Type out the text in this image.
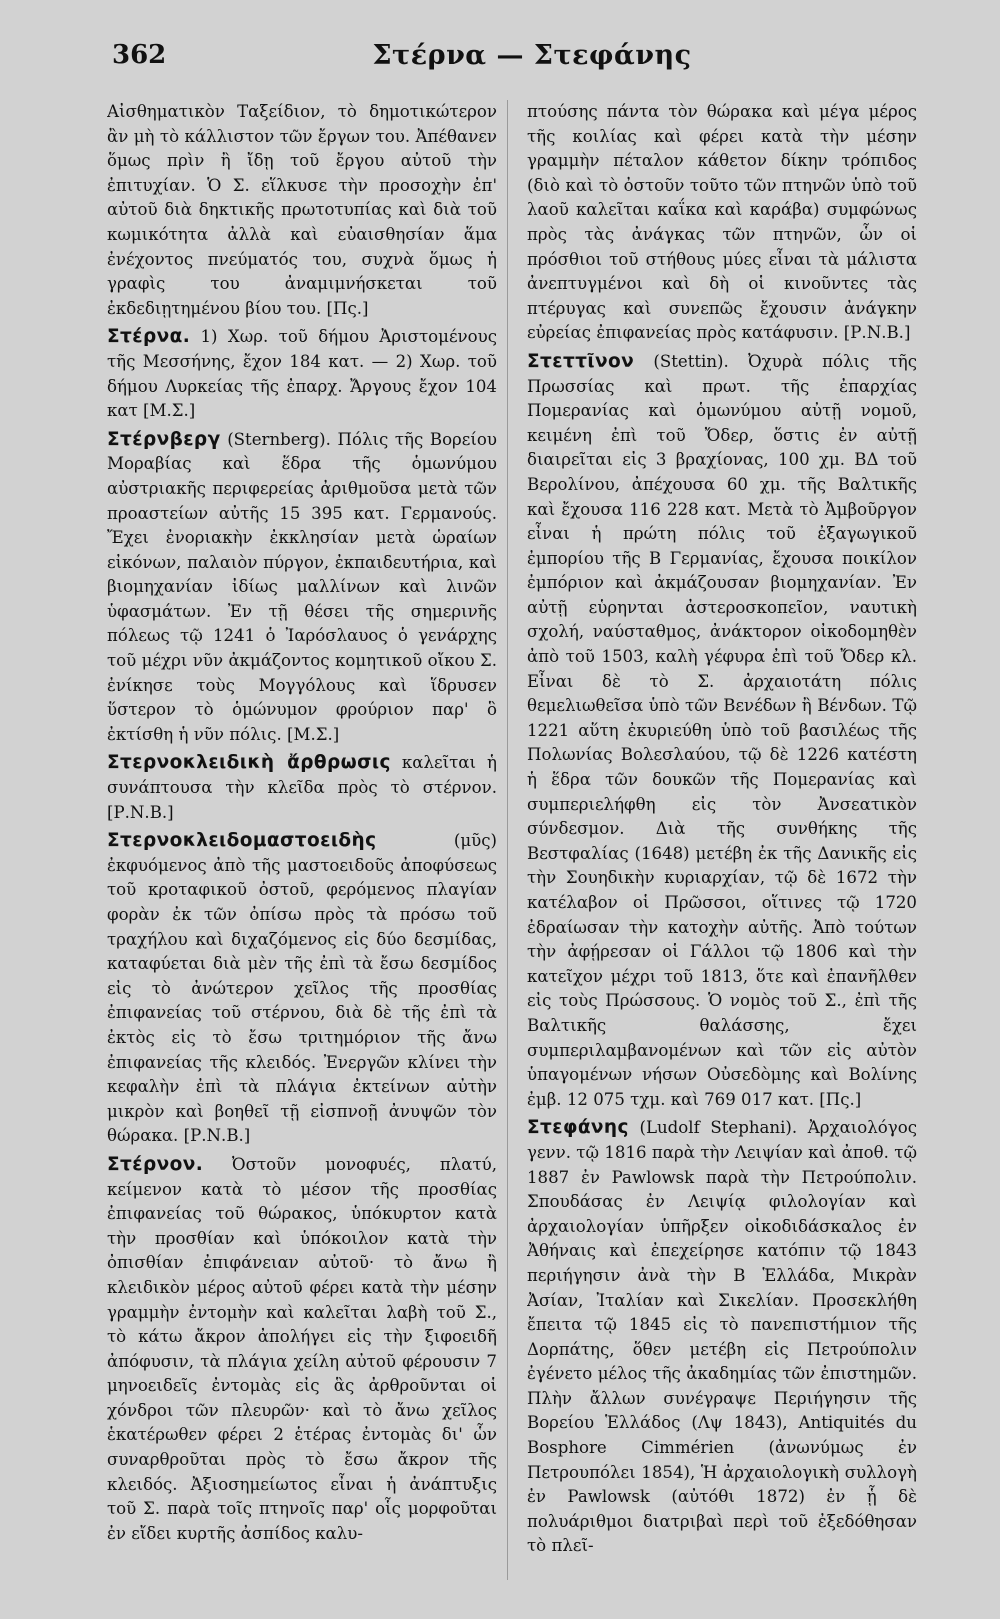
362	Στέρνα — Στεφάνης

Αἰσθηματικὸν Ταξείδιον, τὸ δημοτικώτερον ἂν μὴ τὸ κάλλιστον τῶν ἔργων του. Ἀπέθανεν ὅμως πρὶν ἢ ἴδῃ τοῦ ἔργου αὐτοῦ τὴν ἐπιτυχίαν. Ὁ Σ. εἵλκυσε τὴν προσοχὴν ἐπ' αὐτοῦ διὰ δηκτικῆς πρωτοτυπίας καὶ διὰ τοῦ κωμικότητα ἀλλὰ καὶ εὐαισθησίαν ἅμα ἐνέχοντος πνεύματός του, συχνὰ ὅμως ἡ γραφὶς του ἀναμιμνήσκεται τοῦ ἐκδεδιῃτημένου βίου του. [Πς.]

Στέρνα. 1) Χωρ. τοῦ δήμου Ἀριστομένους τῆς Μεσσήνης, ἔχον 184 κατ. — 2) Χωρ. τοῦ δήμου Λυρκείας τῆς ἐπαρχ. Ἄργους ἔχον 104 κατ [Μ.Σ.]

Στέρνβεργ (Sternberg). Πόλις τῆς Βορείου Μοραβίας καὶ ἕδρα τῆς ὁμωνύμου αὐστριακῆς περιφερείας ἀριθμοῦσα μετὰ τῶν προαστείων αὐτῆς 15 395 κατ. Γερμανούς. Ἔχει ἐνοριακὴν ἐκκλησίαν μετὰ ὡραίων εἰκόνων, παλαιὸν πύργον, ἐκπαιδευτήρια, καὶ βιομηχανίαν ἰδίως μαλλίνων καὶ λινῶν ὑφασμάτων. Ἐν τῇ θέσει τῆς σημερινῆς πόλεως τῷ 1241 ὁ Ἰαρόσλαυος ὁ γενάρχης τοῦ μέχρι νῦν ἀκμάζοντος κομητικοῦ οἴκου Σ. ἐνίκησε τοὺς Μογγόλους καὶ ἵδρυσεν ὕστερον τὸ ὁμώνυμον φρούριον παρ' ὃ ἐκτίσθη ἡ νῦν πόλις. [Μ.Σ.]

Στερνοκλειδικὴ ἄρθρωσις καλεῖται ἡ συνάπτουσα τὴν κλεῖδα πρὸς τὸ στέρνον. [Ρ.Ν.Β.]

Στερνοκλειδομαστοειδὴς	(μῦς) ἐκφυόμενος ἀπὸ τῆς μαστοειδοῦς ἀποφύσεως τοῦ κροταφικοῦ ὀστοῦ, φερόμενος πλαγίαν φορὰν ἐκ τῶν ὀπίσω πρὸς τὰ πρόσω τοῦ τραχήλου καὶ διχαζόμενος εἰς δύο δεσμίδας, καταφύεται διὰ μὲν τῆς ἐπὶ τὰ ἔσω δεσμίδος εἰς τὸ ἀνώτερον χεῖλος τῆς προσθίας ἐπιφανείας τοῦ στέρνου, διὰ δὲ τῆς ἐπὶ τὰ ἐκτὸς εἰς τὸ ἔσω τριτημόριον τῆς ἄνω ἐπιφανείας τῆς κλειδός. Ἐνεργῶν κλίνει τὴν κεφαλὴν ἐπὶ τὰ πλάγια ἐκτείνων αὐτὴν μικρὸν καὶ βοηθεῖ τῇ εἰσπνοῇ ἀνυψῶν τὸν θώρακα. [Ρ.Ν.Β.]

Στέρνον. Ὀστοῦν μονοφυές, πλατύ, κείμενον κατὰ τὸ μέσον τῆς προσθίας ἐπιφανείας τοῦ θώρακος, ὑπόκυρτον κατὰ τὴν προσθίαν καὶ ὑπόκοιλον κατὰ τὴν ὀπισθίαν ἐπιφάνειαν αὐτοῦ· τὸ ἄνω ἢ κλειδικὸν μέρος αὐτοῦ φέρει κατὰ τὴν μέσην γραμμὴν ἐντομὴν καὶ καλεῖται λαβὴ τοῦ Σ., τὸ κάτω ἄκρον ἀπολήγει εἰς τὴν ξιφοειδῆ ἀπόφυσιν, τὰ πλάγια χείλη αὐτοῦ φέρουσιν 7 μηνοειδεῖς ἐντομὰς εἰς ἃς ἀρθροῦνται οἱ χόνδροι τῶν πλευρῶν· καὶ τὸ ἄνω χεῖλος ἑκατέρωθεν φέρει 2 ἑτέρας ἐντομὰς δι' ὧν συναρθροῦται πρὸς τὸ ἔσω ἄκρον τῆς κλειδός. Ἀξιοσημείωτος εἶναι ἡ ἀνάπτυξις τοῦ Σ. παρὰ τοῖς πτηνοῖς παρ' οἷς μορφοῦται ἐν εἴδει κυρτῆς ἀσπίδος καλυ-

πτούσης πάντα τὸν θώρακα καὶ μέγα μέρος τῆς κοιλίας καὶ φέρει κατὰ τὴν μέσην γραμμὴν πέταλον κάθετον δίκην τρόπιδος (διὸ καὶ τὸ ὀστοῦν τοῦτο τῶν πτηνῶν ὑπὸ τοῦ λαοῦ καλεῖται καΐκα καὶ καράβα) συμφώνως πρὸς τὰς ἀνάγκας τῶν πτηνῶν, ὧν οἱ πρόσθιοι τοῦ στήθους μύες εἶναι τὰ μάλιστα ἀνεπτυγμένοι καὶ δὴ οἱ κινοῦντες τὰς πτέρυγας καὶ συνεπῶς ἔχουσιν ἀνάγκην εὐρείας ἐπιφανείας πρὸς κατάφυσιν. [Ρ.Ν.Β.]

Στεττῖνον (Stettin). Ὀχυρὰ πόλις τῆς Πρωσσίας καὶ πρωτ. τῆς ἐπαρχίας Πομερανίας καὶ ὁμωνύμου αὐτῇ νομοῦ, κειμένη ἐπὶ τοῦ Ὄδερ, ὅστις ἐν αὐτῇ διαιρεῖται εἰς 3 βραχίονας, 100 χμ. ΒΔ τοῦ Βερολίνου, ἀπέχουσα 60 χμ. τῆς Βαλτικῆς καὶ ἔχουσα 116 228 κατ. Μετὰ τὸ Ἀμβοῦργον εἶναι ἡ πρώτη πόλις τοῦ ἐξαγωγικοῦ ἐμπορίου τῆς Β Γερμανίας, ἔχουσα ποικίλον ἐμπόριον καὶ ἀκμάζουσαν βιομηχανίαν. Ἐν αὐτῇ εὑρηνται ἀστεροσκοπεῖον, ναυτικὴ σχολή, ναύσταθμος, ἀνάκτορον οἰκοδομηθὲν ἀπὸ τοῦ 1503, καλὴ γέφυρα ἐπὶ τοῦ Ὄδερ κλ. Εἶναι δὲ τὸ Σ. ἀρχαιοτάτη πόλις θεμελιωθεῖσα ὑπὸ τῶν Βενέδων ἢ Βένδων. Τῷ 1221 αὕτη ἐκυριεύθη ὑπὸ τοῦ βασιλέως τῆς Πολωνίας Βολεσλαύου, τῷ δὲ 1226 κατέστη ἡ ἕδρα τῶν δουκῶν τῆς Πομερανίας καὶ συμπεριελήφθη εἰς τὸν Ἀνσεατικὸν σύνδεσμον. Διὰ τῆς συνθήκης τῆς Βεστφαλίας (1648) μετέβη ἐκ τῆς Δανικῆς εἰς τὴν Σουηδικὴν κυριαρχίαν, τῷ δὲ 1672 τὴν κατέλαβον οἱ Πρῶσσοι, οἵτινες τῷ 1720 ἐδραίωσαν τὴν κατοχὴν αὐτῆς. Ἀπὸ τούτων τὴν ἀφῄρεσαν οἱ Γάλλοι τῷ 1806 καὶ τὴν κατεῖχον μέχρι τοῦ 1813, ὅτε καὶ ἐπανῆλθεν εἰς τοὺς Πρώσσους. Ὁ νομὸς τοῦ Σ., ἐπὶ τῆς Βαλτικῆς θαλάσσης, ἔχει συμπεριλαμβανομένων καὶ τῶν εἰς αὐτὸν ὑπαγομένων νήσων Οὐσεδὸμης καὶ Βολίνης ἐμβ. 12 075 τχμ. καὶ 769 017 κατ. [Πς.]

Στεφάνης (Ludolf Stephani). Ἀρχαιολόγος γενν. τῷ 1816 παρὰ τὴν Λειψίαν καὶ ἀποθ. τῷ 1887 ἐν Pawlowsk παρὰ τὴν Πετρούπολιν. Σπουδάσας ἐν Λειψίᾳ φιλολογίαν καὶ ἀρχαιολογίαν ὑπῆρξεν οἰκοδιδάσκαλος ἐν Ἀθήναις καὶ ἐπεχείρησε κατόπιν τῷ 1843 περιήγησιν ἀνὰ τὴν Β Ἑλλάδα, Μικρὰν Ἀσίαν, Ἰταλίαν καὶ Σικελίαν. Προσεκλήθη ἔπειτα τῷ 1845 εἰς τὸ πανεπιστήμιον τῆς Δορπάτης, ὅθεν μετέβη εἰς Πετρούπολιν ἐγένετο μέλος τῆς ἀκαδημίας τῶν ἐπιστημῶν. Πλὴν ἄλλων συνέγραψε Περιήγησιν τῆς Βορείου Ἑλλάδος (Λψ 1843), Antiquités du Bosphore Cimmérien (ἀνωνύμως ἐν Πετρουπόλει 1854), Ἡ ἀρχαιολογικὴ συλλογὴ ἐν Pawlowsk (αὐτόθι 1872) ἐν ᾗ δὲ πολυάριθμοι διατριβαὶ περὶ τοῦ ἐξεδόθησαν τὸ πλεῖ-
